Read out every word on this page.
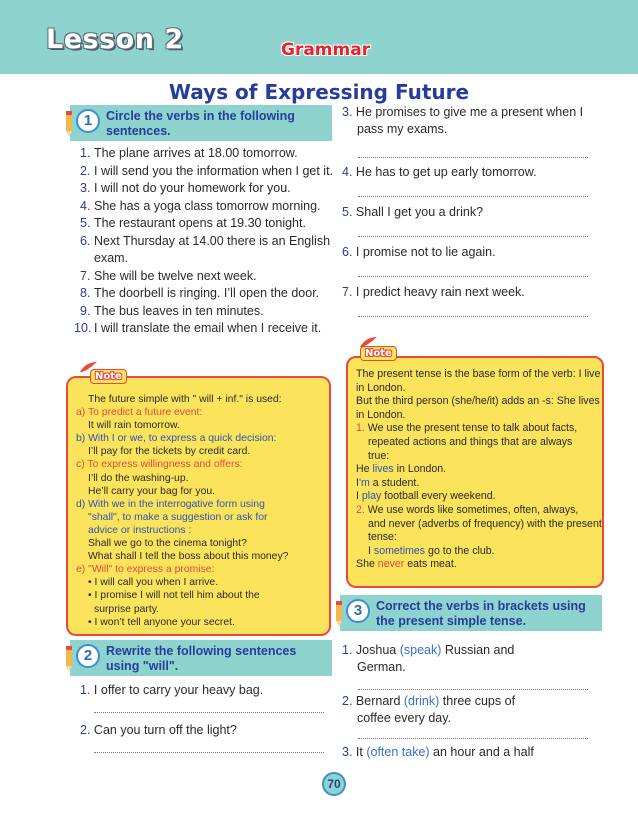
Lesson 2	Grammar
Ways of Expressing Future
1	Circle the verbs in the following sentences.
1. The plane arrives at 18.00 tomorrow.
2. I will send you the information when I get it.
3. I will not do your homework for you.
4. She has a yoga class tomorrow morning.
5. The restaurant opens at 19.30 tonight.
6. Next Thursday at 14.00 there is an English exam.
7. She will be twelve next week.
8. The doorbell is ringing. I’ll open the door.
9. The bus leaves in ten minutes.
10. I will translate the email when I receive it.
Note
The future simple with " will + inf." is used:
a) To predict a future event:
It will rain tomorrow.
b) With I or we, to express a quick decision:
I’ll pay for the tickets by credit card.
c) To express willingness and offers:
I’ll do the washing-up.
He’ll carry your bag for you.
d) With we in the interrogative form using
"shall", to make a suggestion or ask for
advice or instructions :
Shall we go to the cinema tonight?
What shall I tell the boss about this money?
e) "Will" to express a promise:
• I will call you when I arrive.
• I promise I will not tell him about the
surprise party.
• I won’t tell anyone your secret.
2	Rewrite the following sentences using "will".
1. I offer to carry your heavy bag.
2. Can you turn off the light?
3. He promises to give me a present when I
pass my exams.
4. He has to get up early tomorrow.
5. Shall I get you a drink?
6. I promise not to lie again.
7. I predict heavy rain next week.
Note
The present tense is the base form of the verb: I live
in London.
But the third person (she/he/it) adds an -s: She lives
in London.
1. We use the present tense to talk about facts,
repeated actions and things that are always
true:
He lives in London.
I'm a student.
I play football every weekend.
2. We use words like sometimes, often, always,
and never (adverbs of frequency) with the present
tense:
I sometimes go to the club.
She never eats meat.
3	Correct the verbs in brackets using the present simple tense.
1. Joshua (speak) Russian and
German.
2. Bernard (drink) three cups of
coffee every day.
3. It (often take) an hour and a half
70
